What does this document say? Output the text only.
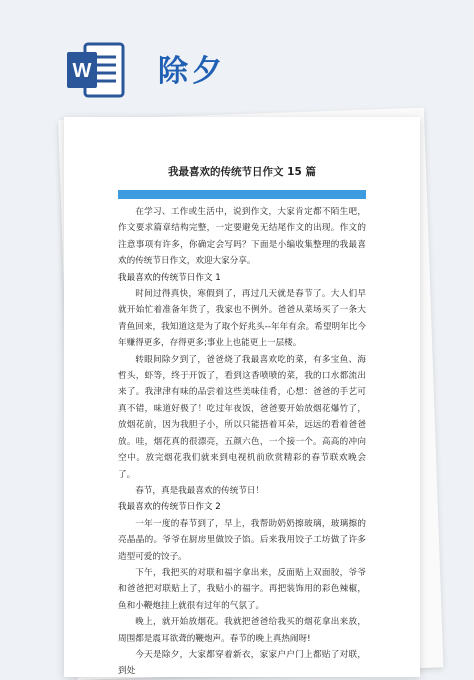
W 除夕
我最喜欢的传统节日作文 15 篇

在学习、工作或生活中，说到作文，大家肯定都不陌生吧，作文要求篇章结构完整，一定要避免无结尾作文的出现。作文的注意事项有许多，你确定会写吗？下面是小编收集整理的我最喜欢的传统节日作文，欢迎大家分享。

我最喜欢的传统节日作文 1

时间过得真快，寒假到了，再过几天就是春节了。大人们早就开始忙着准备年货了，我家也不例外。爸爸从菜场买了一条大青鱼回来，我知道这是为了取个好兆头--年年有余。希望明年比今年赚得更多，存得更多;事业上也能更上一层楼。

转眼间除夕到了，爸爸烧了我最喜欢吃的菜，有多宝鱼、海哲头，虾等，终于开饭了，看到这香喷喷的菜，我的口水都流出来了。我津津有味的品尝着这些美味佳肴，心想：爸爸的手艺可真不错，味道好极了！吃过年夜饭，爸爸要开始放烟花爆竹了，放烟花前，因为我胆子小，所以只能捂着耳朵，远远的看着爸爸放。哇，烟花真的很漂亮，五颜六色，一个接一个。高高的冲向空中。放完烟花我们就来到电视机前欣赏精彩的春节联欢晚会了。

春节，真是我最喜欢的传统节日！

我最喜欢的传统节日作文 2

一年一度的春节到了，早上，我帮助奶奶擦玻璃，玻璃擦的亮晶晶的。爷爷在厨房里做饺子馅。后来我用饺子工坊做了许多造型可爱的饺子。

下午，我把买的对联和福字拿出来，反面贴上双面胶，爷爷和爸爸把对联贴上了，我贴小的福字。再把装饰用的彩色辣椒，鱼和小鞭炮挂上就很有过年的气氛了。

晚上，就开始放烟花。我就把爸爸给我买的烟花拿出来放，周围都是震耳欲聋的鞭炮声。春节的晚上真热闹呀!

今天是除夕，大家都穿着新衣，家家户户门上都贴了对联，到处
